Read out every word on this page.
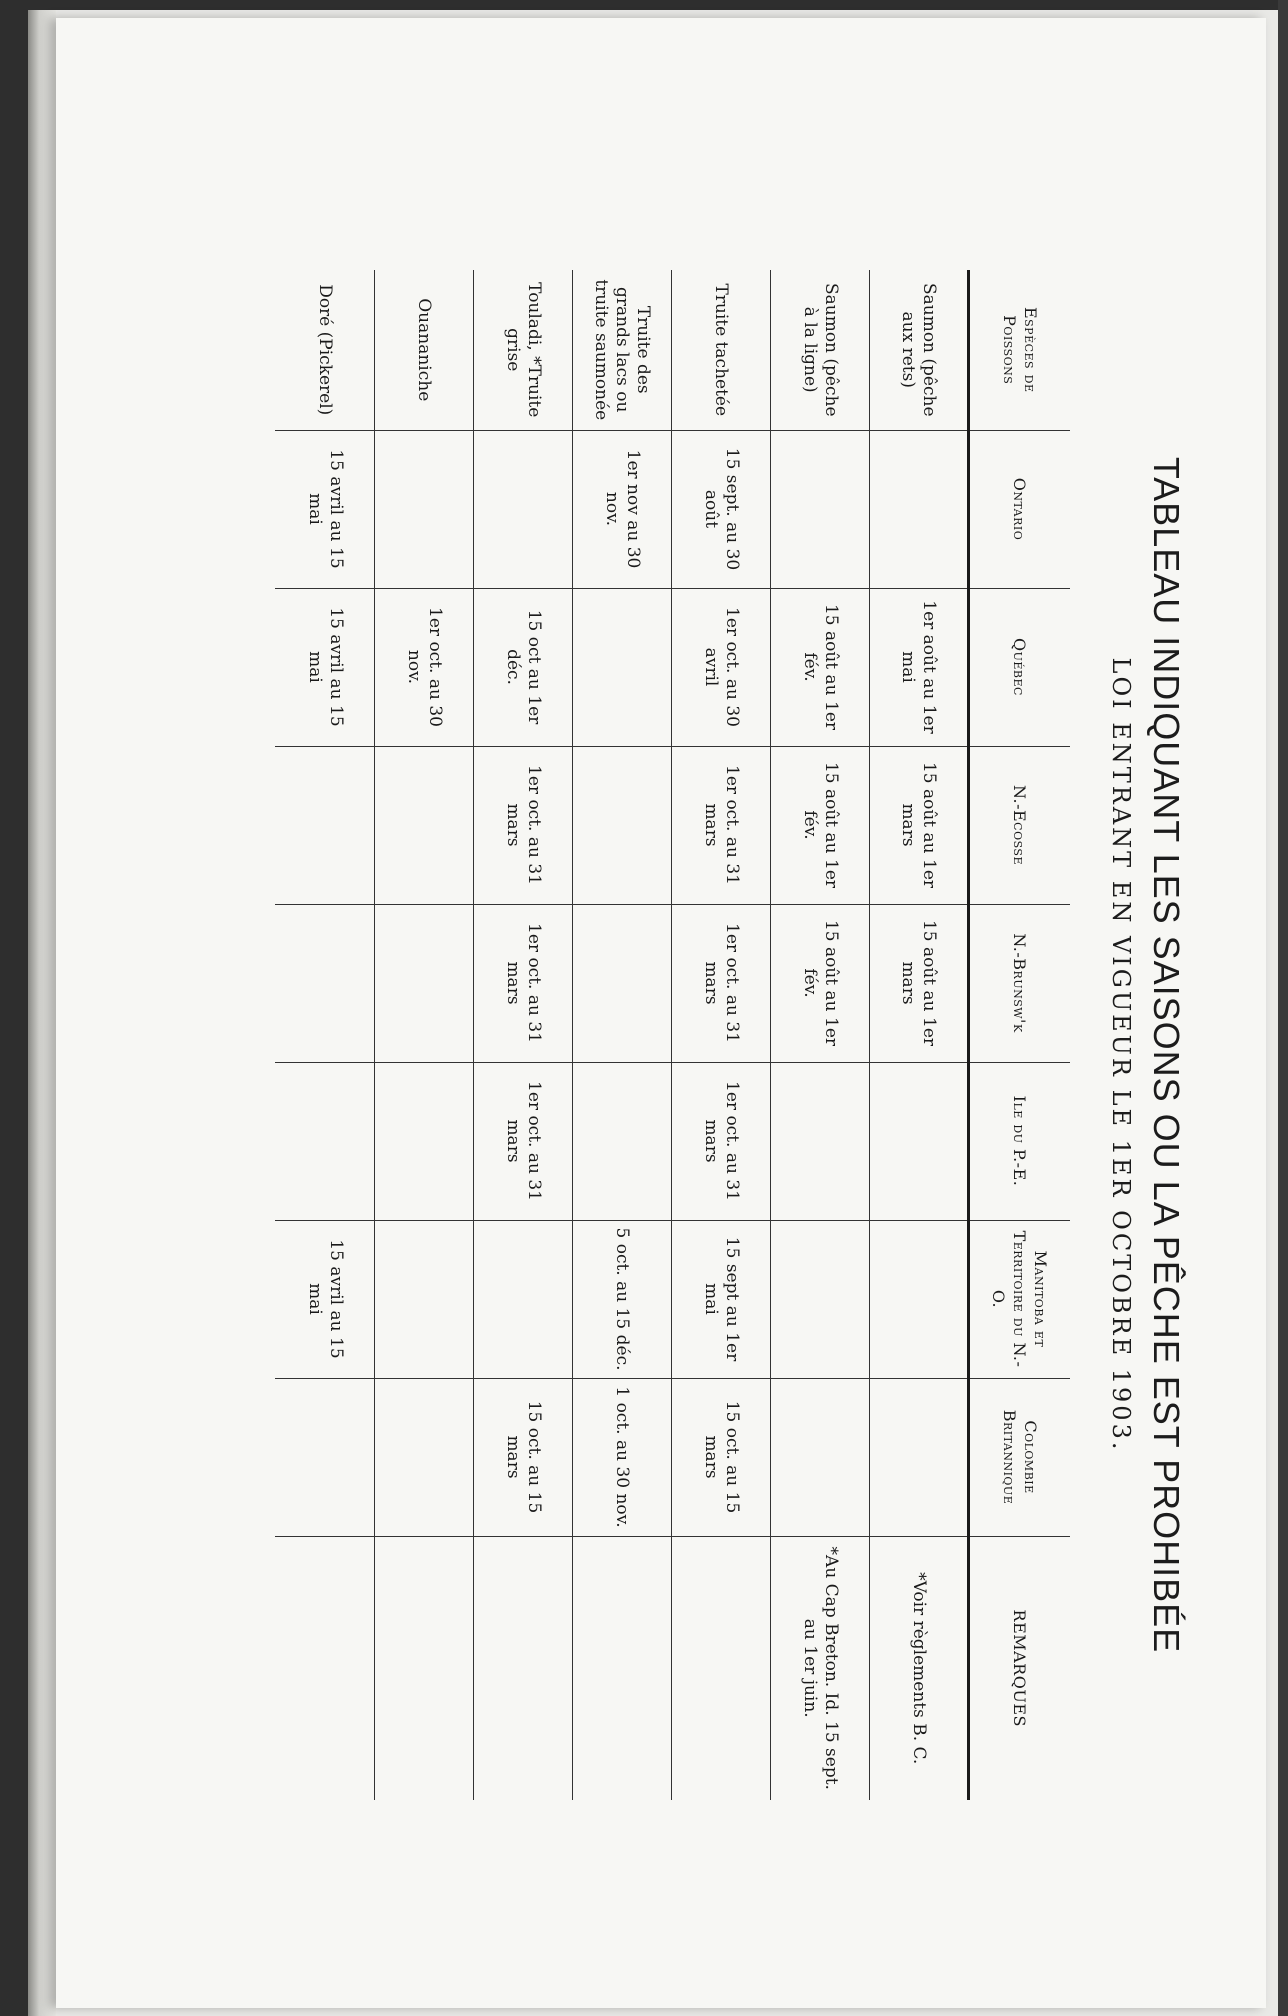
TABLEAU INDIQUANT LES SAISONS OU LA PÊCHE EST PROHIBÉE
LOI ENTRANT EN VIGUEUR LE 1ER OCTOBRE 1903.
Espèces de Poissons	Ontario	Québec	N.-Ecosse	N.-Brunsw'k	Ile du P.-E.	Manitoba et Territoire du N.-O.	Colombie Britannique	REMARQUES
Saumon (pêche aux rets)		1er août au 1er mai	15 août au 1er mars	15 août au 1er mars				*Voir règlements B. C.
Saumon (pêche à la ligne)		15 août au 1er fév.	15 août au 1er fév.	15 août au 1er fév.				*Au Cap Breton. Id. 15 sept. au 1er juin.
Truite tachetée	15 sept. au 30 août	1er oct. au 30 avril	1er oct. au 31 mars	1er oct. au 31 mars	1er oct. au 31 mars	15 sept au 1er mai	15 oct. au 15 mars	
Truite des grands lacs ou truite saumonée	1er nov au 30 nov.					5 oct. au 15 déc.	1 oct. au 30 nov.	
Touladi, *Truite grise		15 oct au 1er déc.	1er oct. au 31 mars	1er oct. au 31 mars	1er oct. au 31 mars		15 oct. au 15 mars	
Ouananiche		1er oct. au 30 nov.						
Doré (Pickerel)	15 avril au 15 mai	15 avril au 15 mai				15 avril au 15 mai		
